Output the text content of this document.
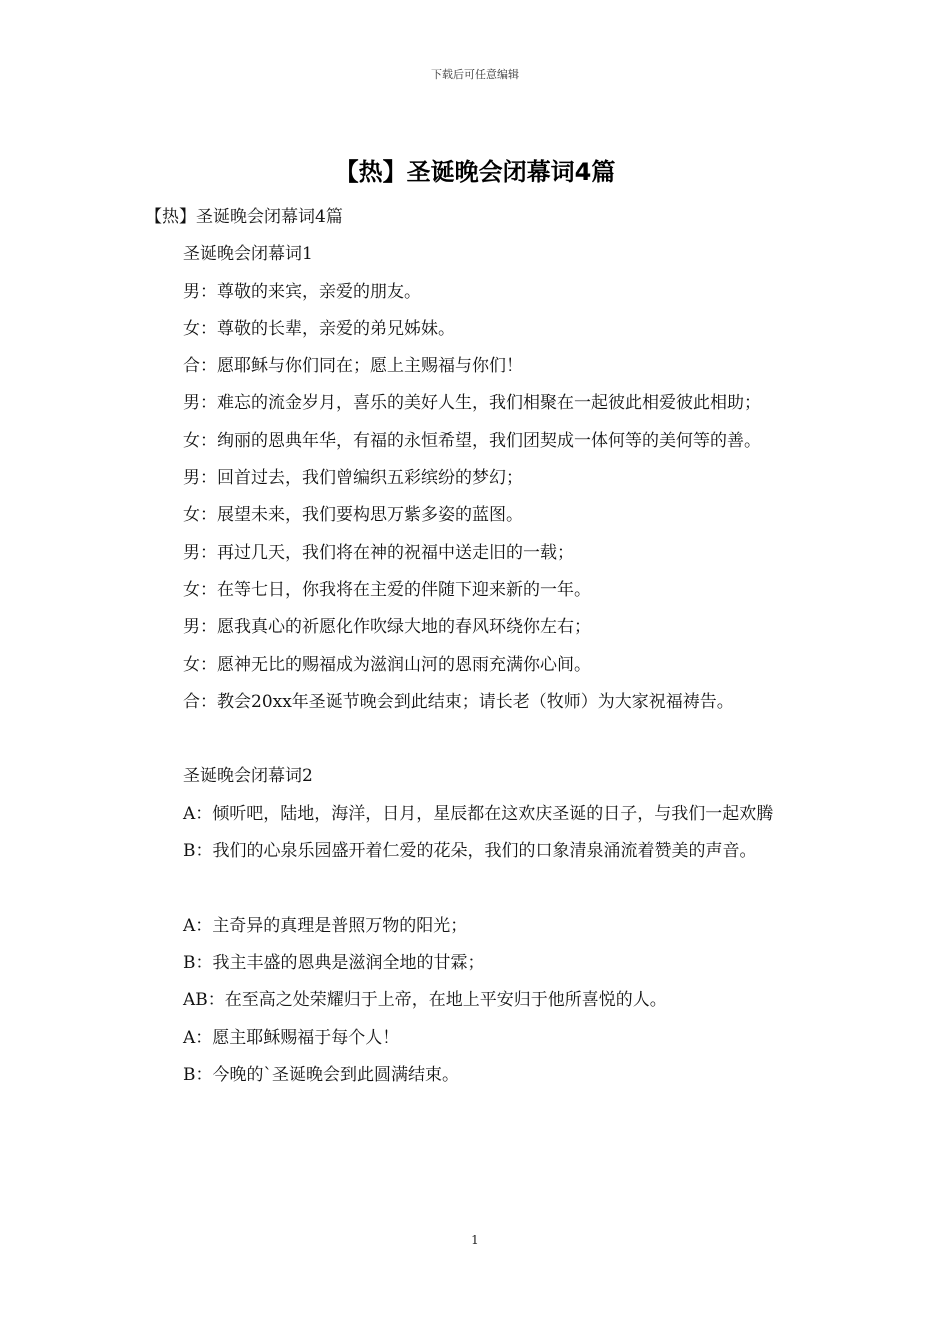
下载后可任意编辑
【热】圣诞晚会闭幕词4篇

【热】圣诞晚会闭幕词4篇

圣诞晚会闭幕词1

男：尊敬的来宾，亲爱的朋友。

女：尊敬的长辈，亲爱的弟兄姊妹。

合：愿耶稣与你们同在；愿上主赐福与你们！

男：难忘的流金岁月，喜乐的美好人生，我们相聚在一起彼此相爱彼此相助；

女：绚丽的恩典年华，有福的永恒希望，我们团契成一体何等的美何等的善。

男：回首过去，我们曾编织五彩缤纷的梦幻；

女：展望未来，我们要构思万紫多姿的蓝图。

男：再过几天，我们将在神的祝福中送走旧的一载；

女：在等七日，你我将在主爱的伴随下迎来新的一年。

男：愿我真心的祈愿化作吹绿大地的春风环绕你左右；

女：愿神无比的赐福成为滋润山河的恩雨充满你心间。

合：教会20xx年圣诞节晚会到此结束；请长老（牧师）为大家祝福祷告。

圣诞晚会闭幕词2

A：倾听吧，陆地，海洋，日月，星辰都在这欢庆圣诞的日子，与我们一起欢腾

B：我们的心泉乐园盛开着仁爱的花朵，我们的口象清泉涌流着赞美的声音。

A：主奇异的真理是普照万物的阳光；

B：我主丰盛的恩典是滋润全地的甘霖；

AB：在至高之处荣耀归于上帝，在地上平安归于他所喜悦的人。

A：愿主耶稣赐福于每个人！

B：今晚的`圣诞晚会到此圆满结束。

1
